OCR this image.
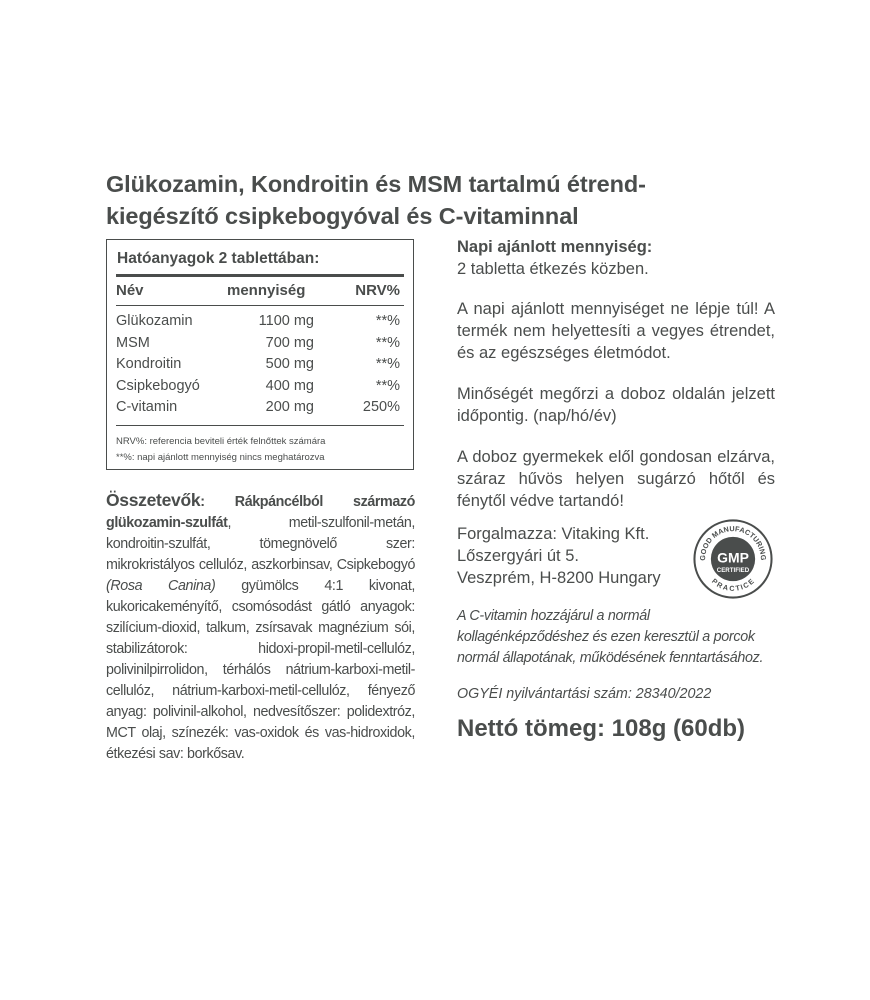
Glükozamin, Kondroitin és MSM tartalmú étrend-
kiegészítő csipkebogyóval és C-vitaminnal
Hatóanyagok 2 tablettában:
Név	mennyiség	NRV%
Glükozamin	1100 mg	**%
MSM	700 mg	**%
Kondroitin	500 mg	**%
Csipkebogyó	400 mg	**%
C-vitamin	200 mg	250%
NRV%: referencia beviteli érték felnőttek számára
**%: napi ajánlott mennyiség nincs meghatározva
Összetevők: Rákpáncélból származó glükozamin-szulfát, metil-szulfonil-metán, kondroitin-szulfát, tömegnövelő szer: mikrokristályos cellulóz, aszkorbinsav, Csipkebogyó (Rosa Canina) gyümölcs 4:1 kivonat, kukoricakeményítő, csomósodást gátló anyagok: szilícium-dioxid, talkum, zsírsavak magnézium sói, stabilizátorok: hidoxi-propil-metil-cellulóz, polivinilpirrolidon, térhálós nátrium-karboxi-metil-cellulóz, nátrium-karboxi-metil-cellulóz, fényező anyag: polivinil-alkohol, nedvesítőszer: polidextróz, MCT olaj, színezék: vas-oxidok és vas-hidroxidok, étkezési sav: borkősav.
Napi ajánlott mennyiség:
2 tabletta étkezés közben.
A napi ajánlott mennyiséget ne lépje túl! A termék nem helyettesíti a vegyes étrendet, és az egészséges életmódot.
Minőségét megőrzi a doboz oldalán jelzett időpontig. (nap/hó/év)
A doboz gyermekek elől gondosan elzárva, száraz hűvös helyen sugárzó hőtől és fénytől védve tartandó!
Forgalmazza: Vitaking Kft.
Lőszergyári út 5.
Veszprém, H-8200 Hungary
GOOD MANUFACTURING
PRACTICE
GMP
CERTIFIED
A C-vitamin hozzájárul a normál kollagénképződéshez és ezen keresztül a porcok normál állapotának, működésének fenntartásához.
OGYÉI nyilvántartási szám: 28340/2022
Nettó tömeg: 108g (60db)
